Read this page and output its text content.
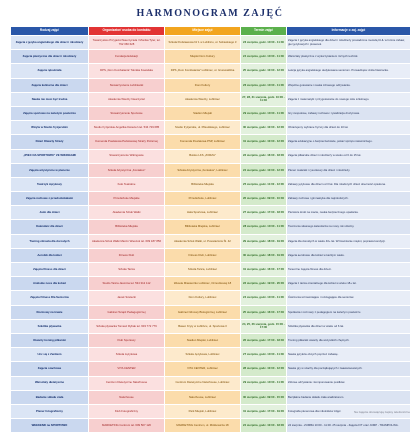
HARMONOGRAM ZAJĘĆ
Rodzaj zajęć	Organizator/ osoba do kontaktu	Miejsce zajęć	Termin zajęć	Informacje o zaj. zajęć
Zajęcia z języka angielskiego dla dzieci i młodzieży	Towarzystwo Przyjaciół Nauczyciela / Monika Tyler, tel. 792 360 628	Szkoła Podstawowa Nr 1 w Lublińcu, ul. Sobieskiego 3	23 sierpnia, godz. 10:00 - 11:30	Zajęcia z języka angielskiego dla dzieci i młodzieży prowadzone metodą CLIL w formie zabaw, gier językowych i piosenek.
Zajęcia plastyczne dla dzieci i młodzieży	Fundacja Edukacji	Miejski Dom Kultury	24 sierpnia, godz. 10:00 - 11:30	Warsztaty plastyczne z wykorzystaniem różnych technik.
Zajęcia rękodzieła	DPS „Dom Kombatanta” Monika Kowalska	DPS „Dom Kombatanta” Lubliniec, ul. Grunwaldzka	25 sierpnia, godz. 10:00 - 12:00	Lekcja języka angielskiego dedykowana seniorom. Prowadząca: Anita Nawrocka.
Zajęcia kulinarne dla dzieci	Stowarzyszenie Lublinianki	Dom Kultury	26 sierpnia, godz. 10:00 - 11:00	Wspólne gotowanie i nauka zdrowego odżywiania.
Nauka nie musi być trudna	Akademia Wiedzy Nauczyciel	Akademia Wiedzy, Lubliniec	27, 28, 31 sierpnia, godz. 10:00 - 11:30	Zajęcia z matematyki i przygotowanie do nowego roku szkolnego.
Zajęcia sportowe na świeżym powietrzu	Stowarzyszenie Sportowe	Stadion Miejski	29 sierpnia, godz. 10:00 - 11:00	Gry zespołowe, zabawy ruchowe i rywalizacja drużynowa.
Wizyta w Studio fryzjerskim	Studio fryzjerskie Angelika Kwiecień tel. 534 729 685	Studio fryzjerskie, ul. Piłsudskiego, Lubliniec	30 sierpnia, godz. 10:00 - 12:00	Obrazujemy wybrane fryzury dla dzieci do 10 lat.
Dzień Otwarty Straży	Komenda Powiatowa Państwowej Straży Pożarnej	Komenda Powiatowa PSP, Lubliniec	31 sierpnia, godz. 10:00 - 12:00	Zajęcia edukacyjne o bezpieczeństwie, pokaz sprzętu ratowniczego.
„IPIEC NA SPORTOWO” ZE WIKINGAMI	Stowarzyszenie Wikingowie	Boisko LKS „ZORZA”	23 sierpnia, godz. 16:00 - 18:00	Zajęcia piłkarskie dzieci i młodzieży w wieku od 6 do 15 lat.
Zajęcia artystyczne w plenerze	Szkoła Artystyczna „Koniakus”	Szkoła Artystyczna „Koniakus”, Lubliniec	24 sierpnia, godz. 10:00 - 12:00	Plener malarski i rysunkowy dla dzieci i młodzieży.
Teatrzyk Językowy	Koło Teatralne	Biblioteka Miejska	25 sierpnia, godz. 11:00 - 12:00	Zabawy językowe dla dzieci od 3 lat. Dla młodszych dzieci obecność opiekuna.
Zajęcia ruchowe z przedszkolakami	Przedszkole Miejskie	Przedszkole, Lubliniec	26 sierpnia, godz. 09:00 - 10:30	Zabawy ruchowe i gimnastyka dla najmłodszych.
Judo dla dzieci	Akademia Sztuk Walki	Hala Sportowa, Lubliniec	27 sierpnia, godz. 17:00 - 18:00	Pierwsze kroki na macie, nauka bezpiecznego upadania.
Kalendarz dla dzieci	Biblioteka Miejska	Biblioteka Miejska, Lubliniec	28 sierpnia, godz. 10:00 - 11:00	Tworzenie własnego kalendarza na nowy rok szkolny.
Trening zdrowia dla dorosłych	Akademia Sztuk Walki Marcin Wieszok tel. 609 187 856	Akademia Sztuk Walki, ul. Powstańców Śl. 42	29 sierpnia, godz. 18:00 - 19:00	Zajęcia dla dorosłych w wieku 40+ lat. Wzmacnianie mięśni, poprawa kondycji.
Aerobik dla kobiet	Fitness Klub	Fitness Klub, Lubliniec	30 sierpnia, godz. 18:00 - 19:00	Zajęcia aerobowe dla kobiet w każdym wieku.
Zajęcia fitness dla dzieci	Szkoła Tańca	Szkoła Tańca, Lubliniec	31 sierpnia, godz. 16:00 - 17:00	Taneczne zajęcia fitness dla dzieci.
Arabskie noce dla kobiet	Studio Tańca Jasmina tel. 534 312 112	Wesołe Miasteczko Lubliniec, Orzeszkowej 18	23 sierpnia, godz. 19:00 - 20:00	Zajęcia z tańca orientalnego dla kobiet w wieku 18+ lat.
Zajęcia Fitness Dla Seniorów	Jacek Szelecki	Dom Kultury, Lubliniec	24 sierpnia, godz. 10:00 - 11:00	Ćwiczenia wzmacniające i rozciągające dla seniorów.
Rozmowy na trawie	Gabinet Terapii Pedagogicznej	Gabinet Odnowy Biologicznej, Lubliniec	25 sierpnia, godz. 16:00 - 17:30	Spotkania i rozmowy z pedagogiem na świeżym powietrzu.
Szkółka pływacka	Szkoła pływacka Tomasz Rybak tel. 603 772 776	Basen Kryty w Lublińcu, ul. Sportowa 3	24, 25, 26 sierpnia, godz. 15:00 - 17:00	Szkółka pływacka dla dzieci w wieku od 6 lat.
Otwarty trening piłkarski	Klub Sportowy	Stadion Miejski, Lubliniec	26 sierpnia, godz. 17:00 - 18:30	Trening piłkarski otwarty dla wszystkich chętnych.
Ucz się z Zenkiem	Szkoła Językowa	Szkoła Językowa, Lubliniec	27 sierpnia, godz. 10:00 - 11:30	Nauka języków obcych poprzez zabawę.
Zajęcia szachowe	VITA CENTER	VITA CENTER, Lubliniec	28 sierpnia, godz. 10:00 - 12:00	Nauka gry w szachy dla początkujących i zaawansowanych.
Warsztaty dietetyczne	Centrum Dietetyczne Naturhouse	Centrum Dietetyczne Naturhouse, Lubliniec	29 sierpnia, godz. 10:00 - 11:00	Zdrowe odżywianie i komponowanie posiłków.
Badanie składu ciała	Naturhouse	Naturhouse, Lubliniec	30 sierpnia, godz. 09:00 - 15:00	Bezpłatne badanie składu ciała analizatorem.
Plener fotograficzny	Klub Fotograficzny	Park Miejski, Lubliniec	31 sierpnia, godz. 17:00 - 19:00	Fotografia plenerowa dla miłośników zdjęć.
WEEKEND na SPORTOWO	MARKETING Centrum tel. 609 507 120	MARKETING Centrum, ul. Mickiewicza 18	24 sierpnia, godz. 10:00 - 18:00	24 sierpnia - ZUMBA 10:00 - 11:00. 25 sierpnia - Zajęcia FIT oraz JUMP - TRAMPOLINA.
Na zajęcia obowiązują zapisy telefoniczne
